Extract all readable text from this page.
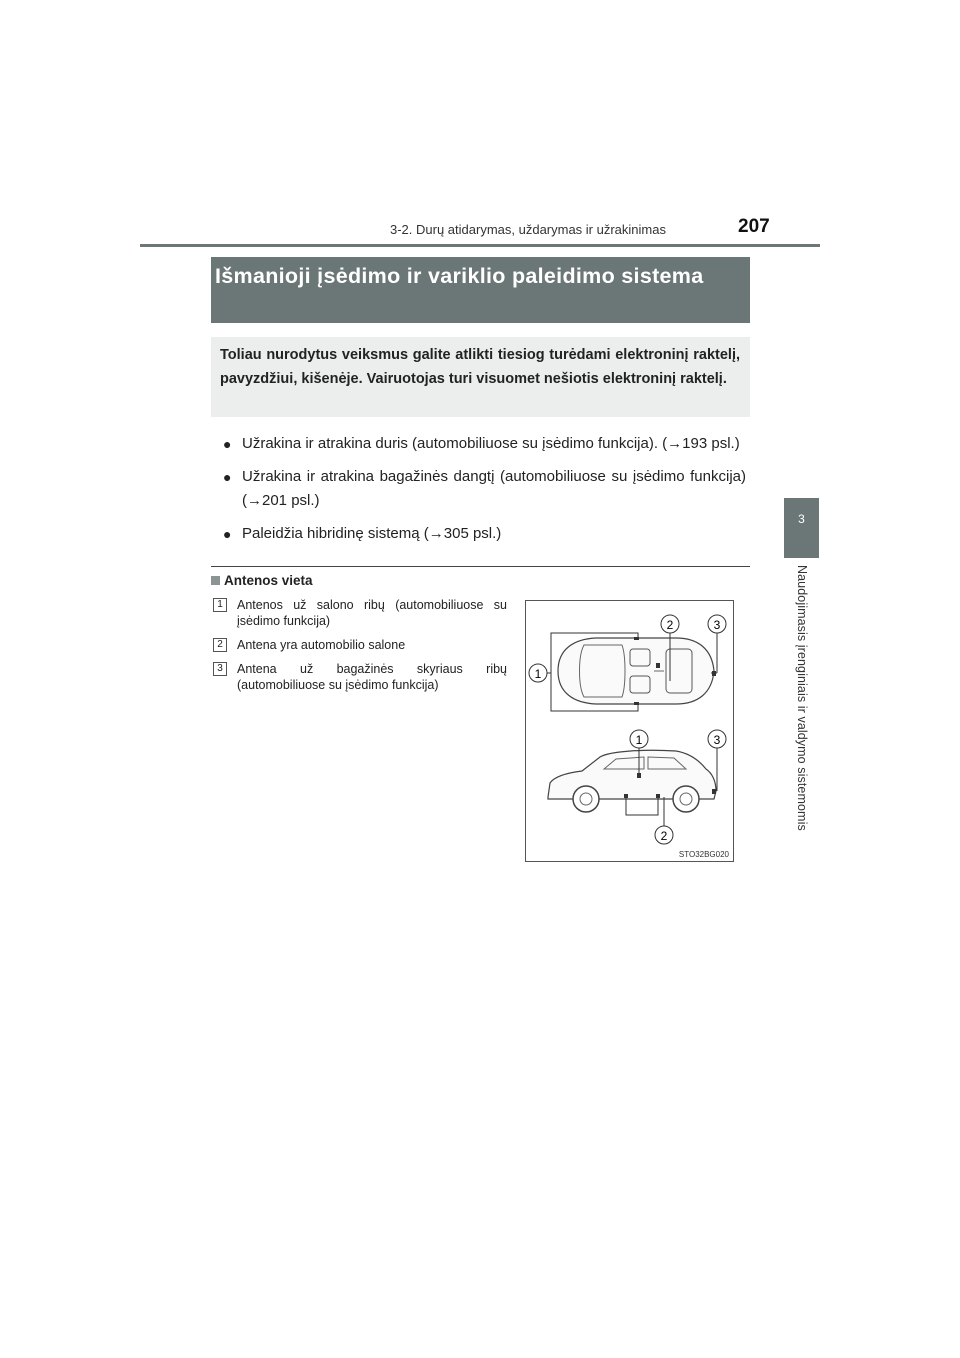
3-2. Durų atidarymas, uždarymas ir užrakinimas	207
3
Naudojimasis įrenginiais ir valdymo sistemomis
Išmanioji įsėdimo ir variklio paleidimo sistema
Toliau nurodytus veiksmus galite atlikti tiesiog turėdami elektroninį raktelį, pavyzdžiui, kišenėje. Vairuotojas turi visuomet nešiotis elektroninį raktelį.
● Užrakina ir atrakina duris (automobiliuose su įsėdimo funkcija). (→193 psl.)
● Užrakina ir atrakina bagažinės dangtį (automobiliuose su įsėdimo funkcija) (→201 psl.)
● Paleidžia hibridinę sistemą (→305 psl.)
Antenos vieta
1	Antenos už salono ribų (automobiliuose su įsėdimo funkcija)
2	Antena yra automobilio salone
3	Antena už bagažinės skyriaus ribų (automobiliuose su įsėdimo funkcija)
1
2	3
1	3
2
STO32BG020
